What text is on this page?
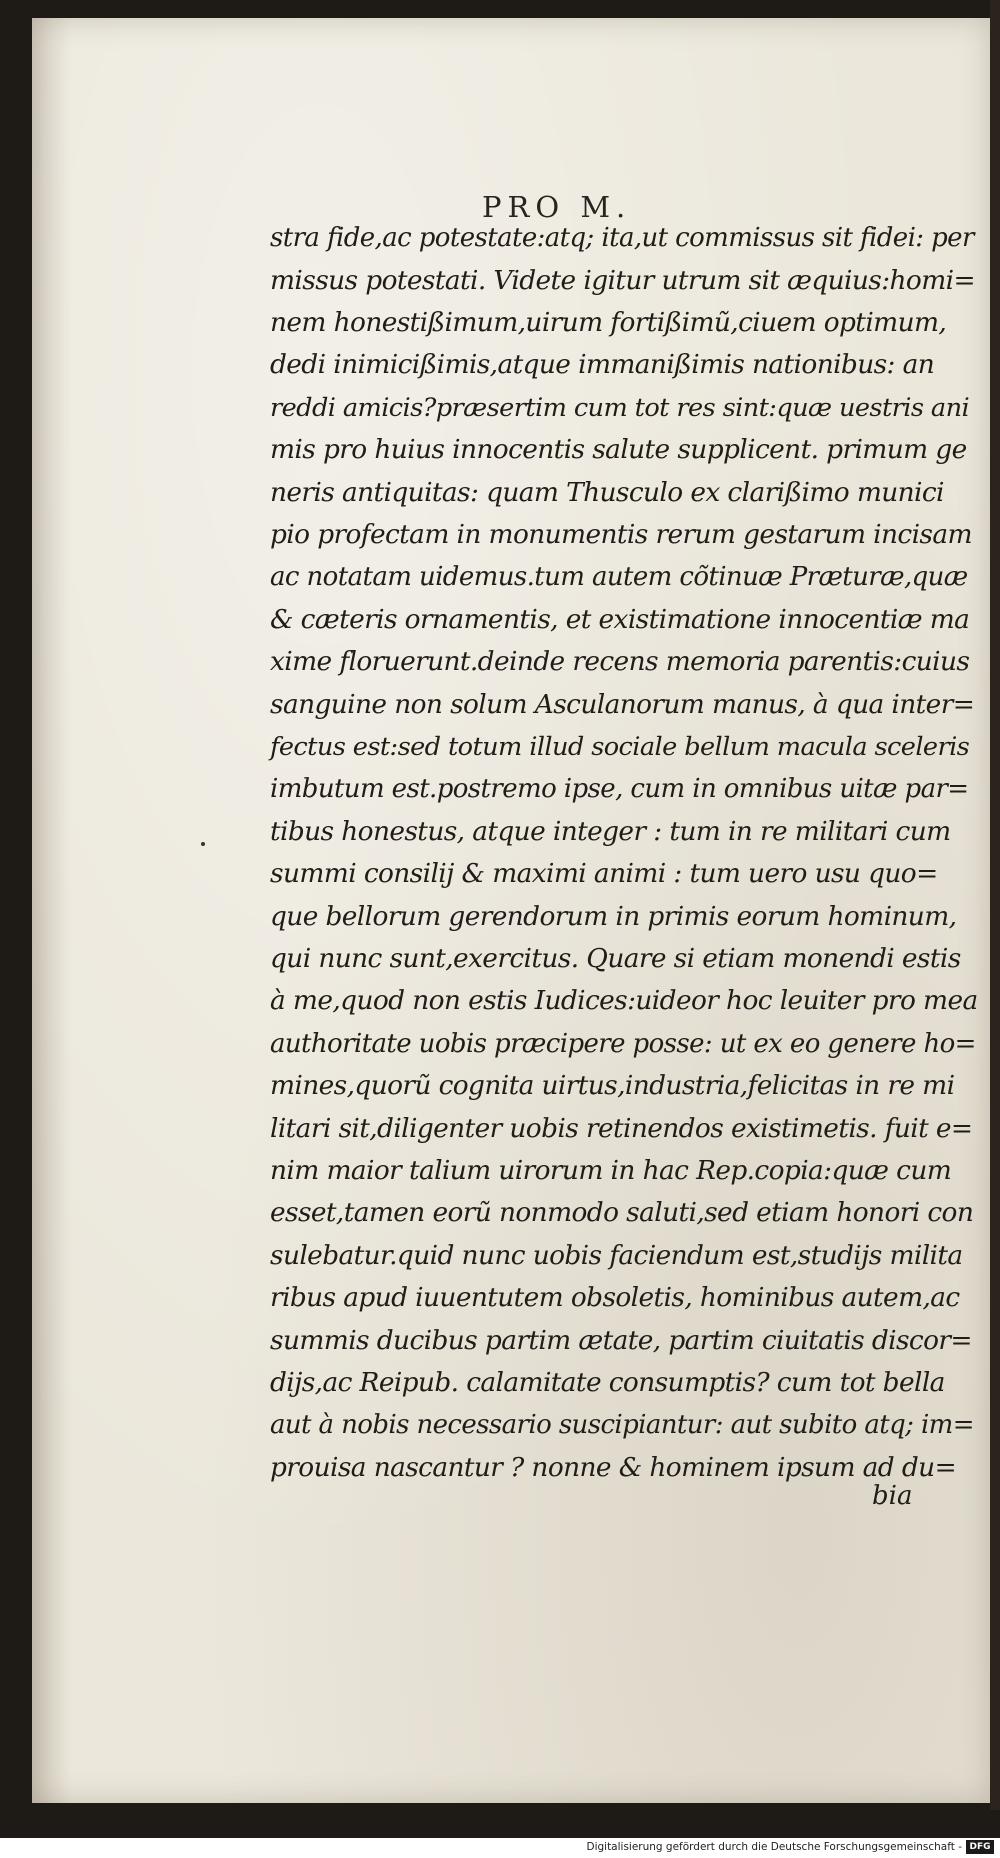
PRO M.
stra fide,ac potestate:atq; ita,ut commissus sit fidei: per
missus potestati. Videte igitur utrum sit æquius:homi=
nem honestißimum,uirum fortißimũ,ciuem optimum,
dedi inimicißimis,atque immanißimis nationibus: an
reddi amicis?præsertim cum tot res sint:quæ uestris ani
mis pro huius innocentis salute supplicent. primum ge
neris antiquitas: quam Thusculo ex clarißimo munici
pio profectam in monumentis rerum gestarum incisam
ac notatam uidemus.tum autem cõtinuæ Præturæ,quæ
& cæteris ornamentis, et existimatione innocentiæ ma
xime floruerunt.deinde recens memoria parentis:cuius
sanguine non solum Asculanorum manus, à qua inter=
fectus est:sed totum illud sociale bellum macula sceleris
imbutum est.postremo ipse, cum in omnibus uitæ par=
tibus honestus, atque integer : tum in re militari cum
summi consilij & maximi animi : tum uero usu quo=
que bellorum gerendorum in primis eorum hominum,
qui nunc sunt,exercitus. Quare si etiam monendi estis
à me,quod non estis Iudices:uideor hoc leuiter pro mea
authoritate uobis præcipere posse: ut ex eo genere ho=
mines,quorũ cognita uirtus,industria,felicitas in re mi
litari sit,diligenter uobis retinendos existimetis. fuit e=
nim maior talium uirorum in hac Rep.copia:quæ cum
esset,tamen eorũ nonmodo saluti,sed etiam honori con
sulebatur.quid nunc uobis faciendum est,studijs milita
ribus apud iuuentutem obsoletis, hominibus autem,ac
summis ducibus partim ætate, partim ciuitatis discor=
dijs,ac Reipub. calamitate consumptis? cum tot bella
aut à nobis necessario suscipiantur: aut subito atq; im=
prouisa nascantur ? nonne & hominem ipsum ad du=
bia
Digitalisierung gefördert durch die Deutsche Forschungsgemeinschaft - DFG
